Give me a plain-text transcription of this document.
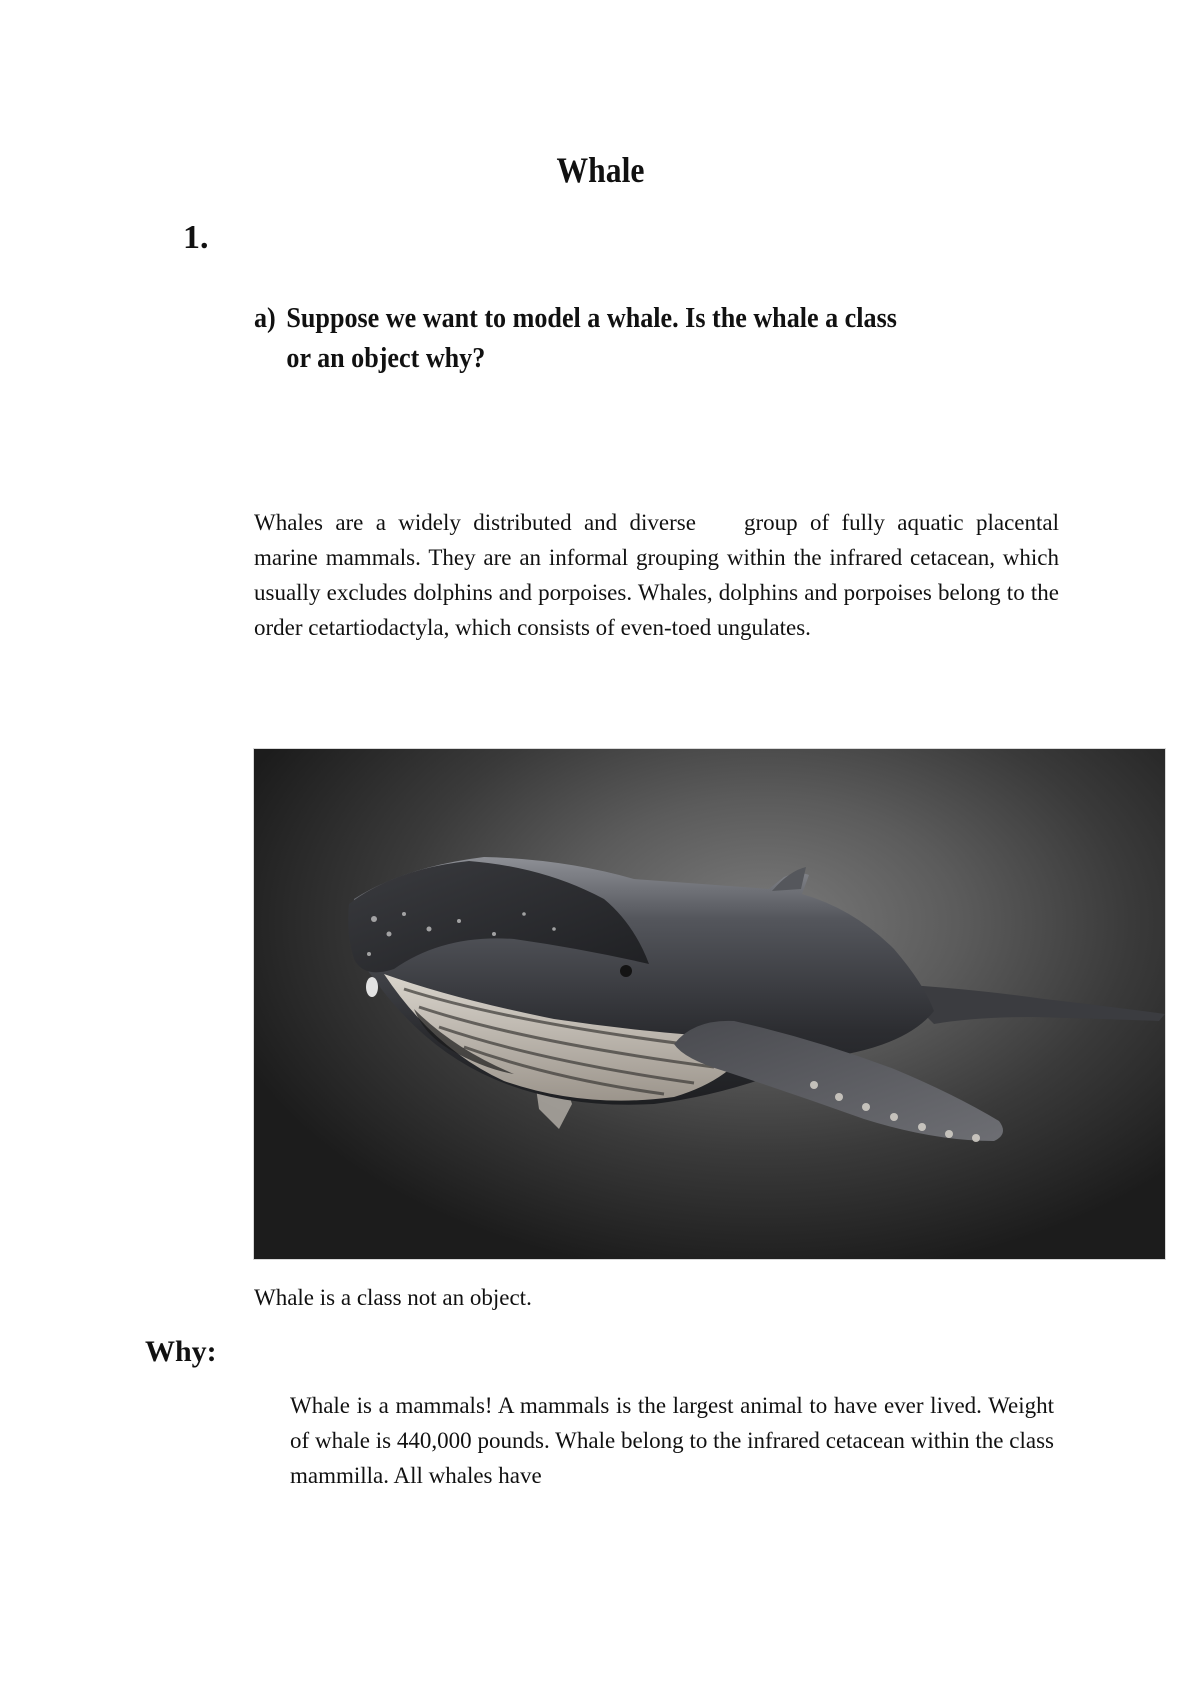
Whale
1.
a) Suppose we want to model a whale. Is the whale a class
or an object why?
Whales are a widely distributed and diverse group of fully aquatic placental marine mammals. They are an informal grouping within the infrared cetacean, which usually excludes dolphins and porpoises. Whales, dolphins and porpoises belong to the order cetartiodactyla, which consists of even-toed ungulates.
Whale is a class not an object.
Why:
Whale is a mammals! A mammals is the largest animal to have ever lived. Weight of whale is 440,000 pounds. Whale belong to the infrared cetacean within the class mammilla. All whales have
